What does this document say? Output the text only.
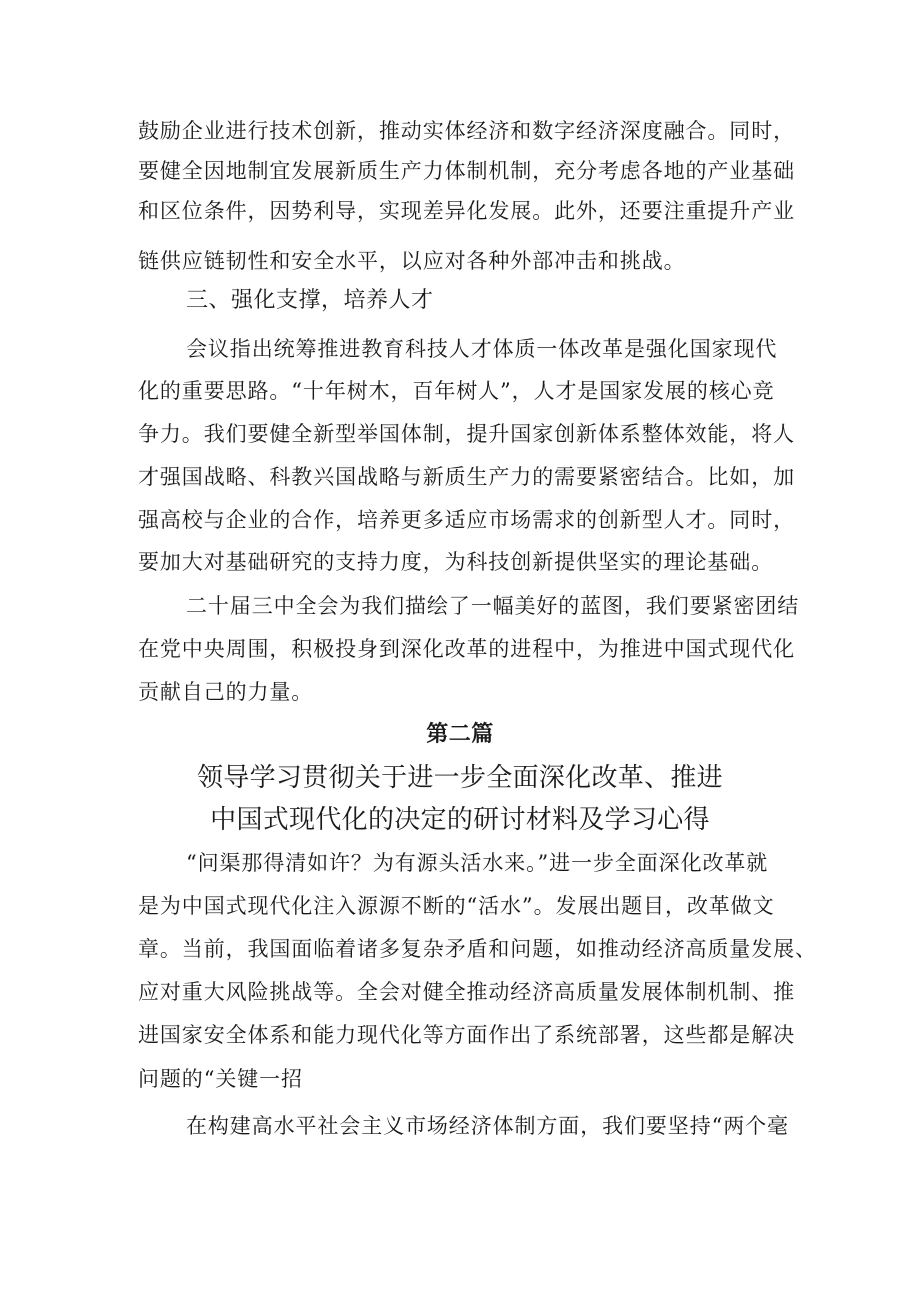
鼓励企业进行技术创新，推动实体经济和数字经济深度融合。同时，
要健全因地制宜发展新质生产力体制机制，充分考虑各地的产业基础
和区位条件，因势利导，实现差异化发展。此外，还要注重提升产业
链供应链韧性和安全水平，以应对各种外部冲击和挑战。
三、强化支撑，培养人才
会议指出统筹推进教育科技人才体质一体改革是强化国家现代
化的重要思路。“十年树木，百年树人”，人才是国家发展的核心竞
争力。我们要健全新型举国体制，提升国家创新体系整体效能，将人
才强国战略、科教兴国战略与新质生产力的需要紧密结合。比如，加
强高校与企业的合作，培养更多适应市场需求的创新型人才。同时，
要加大对基础研究的支持力度，为科技创新提供坚实的理论基础。
二十届三中全会为我们描绘了一幅美好的蓝图，我们要紧密团结
在党中央周围，积极投身到深化改革的进程中，为推进中国式现代化
贡献自己的力量。
第二篇
领导学习贯彻关于进一步全面深化改革、推进
中国式现代化的决定的研讨材料及学习心得
“问渠那得清如许？为有源头活水来。”进一步全面深化改革就
是为中国式现代化注入源源不断的“活水”。发展出题目，改革做文
章。当前，我国面临着诸多复杂矛盾和问题，如推动经济高质量发展、
应对重大风险挑战等。全会对健全推动经济高质量发展体制机制、推
进国家安全体系和能力现代化等方面作出了系统部署，这些都是解决
问题的“关键一招
在构建高水平社会主义市场经济体制方面，我们要坚持“两个毫
